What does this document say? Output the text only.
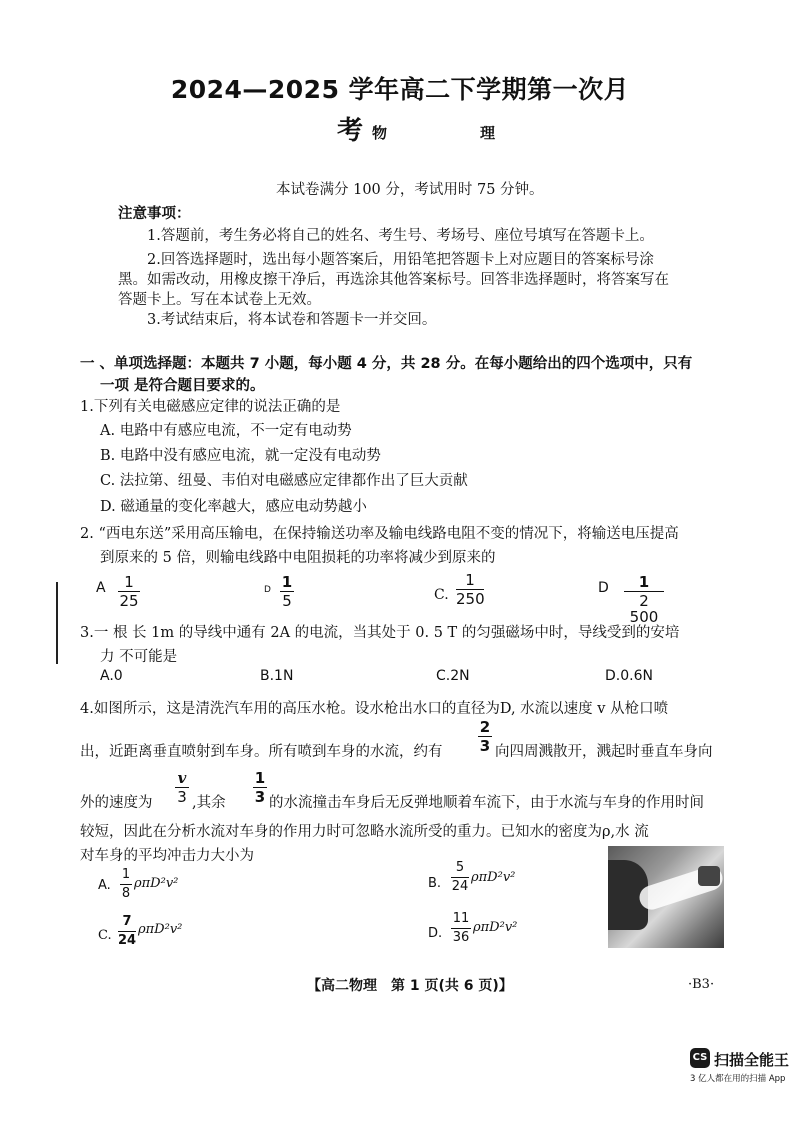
2024—2025 学年高二下学期第一次月
考 物	理
本试卷满分 100 分，考试用时 75 分钟。
注意事项：
1.答题前，考生务必将自己的姓名、考生号、考场号、座位号填写在答题卡上。
2.回答选择题时，选出每小题答案后，用铅笔把答题卡上对应题目的答案标号涂
黑。如需改动，用橡皮擦干净后，再选涂其他答案标号。回答非选择题时，将答案写在
答题卡上。写在本试卷上无效。
3.考试结束后，将本试卷和答题卡一并交回。
一 、单项选择题：本题共 7 小题，每小题 4 分，共 28 分。在每小题给出的四个选项中，只有
一项 是符合题目要求的。
1.下列有关电磁感应定律的说法正确的是
A. 电路中有感应电流，不一定有电动势
B. 电路中没有感应电流，就一定没有电动势
C. 法拉第、纽曼、韦伯对电磁感应定律都作出了巨大贡献
D. 磁通量的变化率越大，感应电动势越小
2. “西电东送”采用高压输电，在保持输送功率及输电线路电阻不变的情况下，将输送电压提高
到原来的 5 倍，则输电线路中电阻损耗的功率将减少到原来的
A	1
25
D 1
5	C.
1
250
D	1
2 500
3.一 根 长 1m 的导线中通有 2A 的电流，当其处于 0. 5 T 的匀强磁场中时，导线受到的安培
力 不可能是
A.0	B.1N	C.2N	D.0.6N
4.如图所示，这是清洗汽车用的高压水枪。设水枪出水口的直径为D, 水流以速度 v 从枪口喷
出，近距离垂直喷射到车身。所有喷到车身的水流，约有
2
3 向四周溅散开，溅起时垂直车身向
外的速度为
v
3 ,其余
1
3 的水流撞击车身后无反弹地顺着车流下，由于水流与车身的作用时间
较短，因此在分析水流对车身的作用力时可忽略水流所受的重力。已知水的密度为ρ,水 流
对车身的平均冲击力大小为
A.
1
8
ρπD²v²	B.
5
24
ρπD²v²
C.
7
24
ρπD²v²	D.
11
36
ρπD²v²
【高二物理　第 1 页(共 6 页)】	·B3·
CS 扫描全能王
3 亿人都在用的扫描 App
